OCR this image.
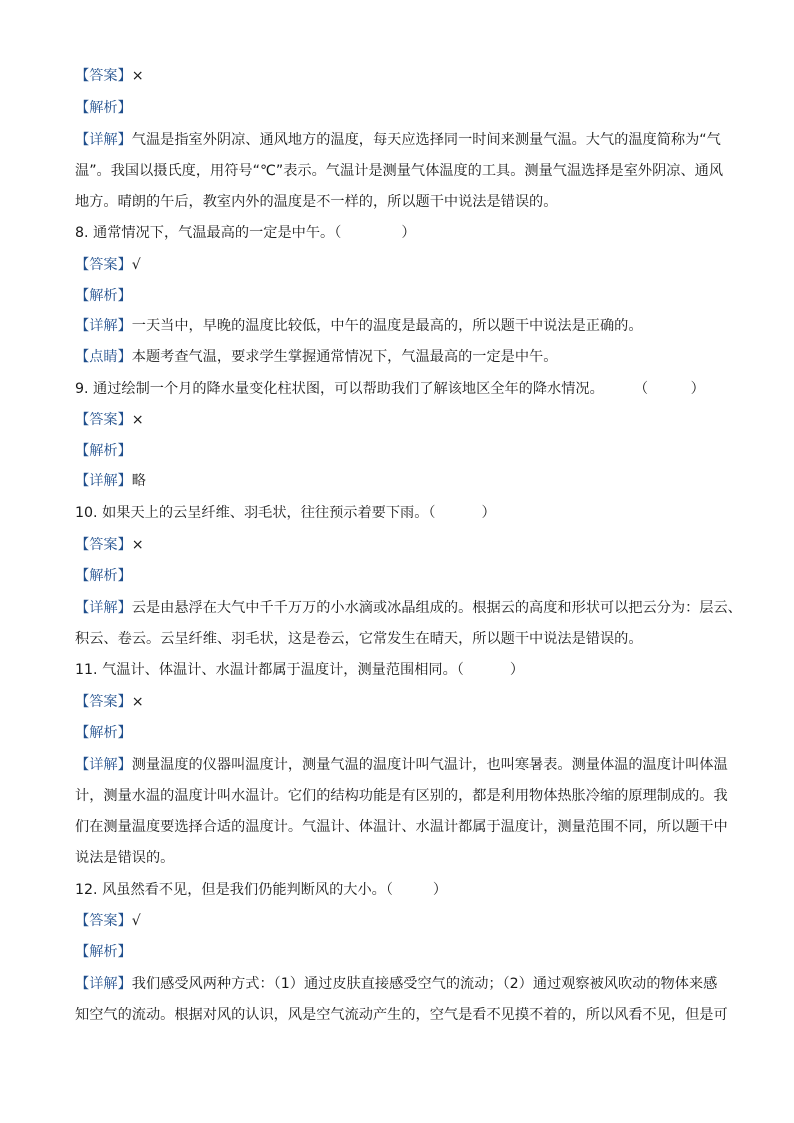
【答案】×
【解析】
【详解】气温是指室外阴凉、通风地方的温度，每天应选择同一时间来测量气温。大气的温度简称为“气
温”。我国以摄氏度，用符号“℃”表示。气温计是测量气体温度的工具。测量气温选择是室外阴凉、通风
地方。晴朗的午后，教室内外的温度是不一样的，所以题干中说法是错误的。
8. 通常情况下，气温最高的一定是中午。（	）
【答案】√
【解析】
【详解】一天当中，早晚的温度比较低，中午的温度是最高的，所以题干中说法是正确的。
【点睛】本题考查气温，要求学生掌握通常情况下，气温最高的一定是中午。
9. 通过绘制一个月的降水量变化柱状图，可以帮助我们了解该地区全年的降水情况。 （　　　）
【答案】×
【解析】
【详解】略
10. 如果天上的云呈纤维、羽毛状，往往预示着要下雨。（	）
【答案】×
【解析】
【详解】云是由悬浮在大气中千千万万的小水滴或冰晶组成的。根据云的高度和形状可以把云分为：层云、
积云、卷云。云呈纤维、羽毛状，这是卷云，它常发生在晴天，所以题干中说法是错误的。
11. 气温计、体温计、水温计都属于温度计，测量范围相同。（	）
【答案】×
【解析】
【详解】测量温度的仪器叫温度计，测量气温的温度计叫气温计，也叫寒暑表。测量体温的温度计叫体温
计，测量水温的温度计叫水温计。它们的结构功能是有区别的，都是利用物体热胀冷缩的原理制成的。我
们在测量温度要选择合适的温度计。气温计、体温计、水温计都属于温度计，测量范围不同，所以题干中
说法是错误的。
12. 风虽然看不见，但是我们仍能判断风的大小。（	）
【答案】√
【解析】
【详解】我们感受风两种方式：（1）通过皮肤直接感受空气的流动；（2）通过观察被风吹动的物体来感
知空气的流动。根据对风的认识，风是空气流动产生的，空气是看不见摸不着的，所以风看不见，但是可
